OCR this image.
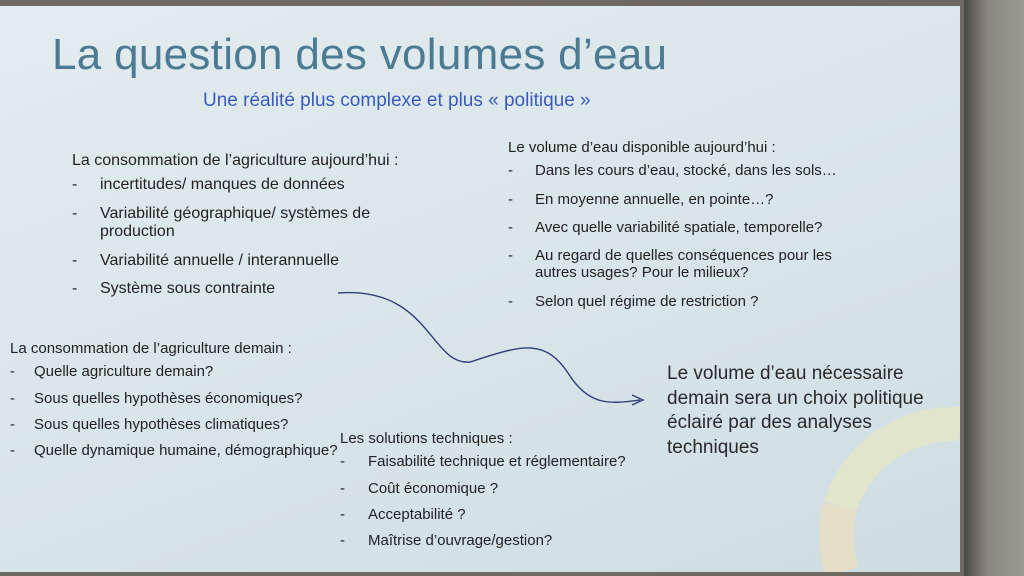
La question des volumes d’eau
Une réalité plus complexe et plus « politique »

La consommation de l’agriculture aujourd’hui :

- incertitudes/ manques de données
- Variabilité géographique/ systèmes de production
- Variabilité annuelle / interannuelle
- Système sous contrainte

Le volume d’eau disponible aujourd’hui :

- Dans les cours d’eau, stocké, dans les sols…
- En moyenne annuelle, en pointe…?
- Avec quelle variabilité spatiale, temporelle?
- Au regard de quelles conséquences pour les autres usages? Pour le milieux?
- Selon quel régime de restriction ?

La consommation de l’agriculture demain :

- Quelle agriculture demain?
- Sous quelles hypothèses économiques?
- Sous quelles hypothèses climatiques?
- Quelle dynamique humaine, démographique?

Les solutions techniques :

- Faisabilité technique et réglementaire?
- Coût économique ?
- Acceptabilité ?
- Maîtrise d’ouvrage/gestion?
Le volume d’eau nécessaire demain sera un choix politique éclairé par des analyses techniques
